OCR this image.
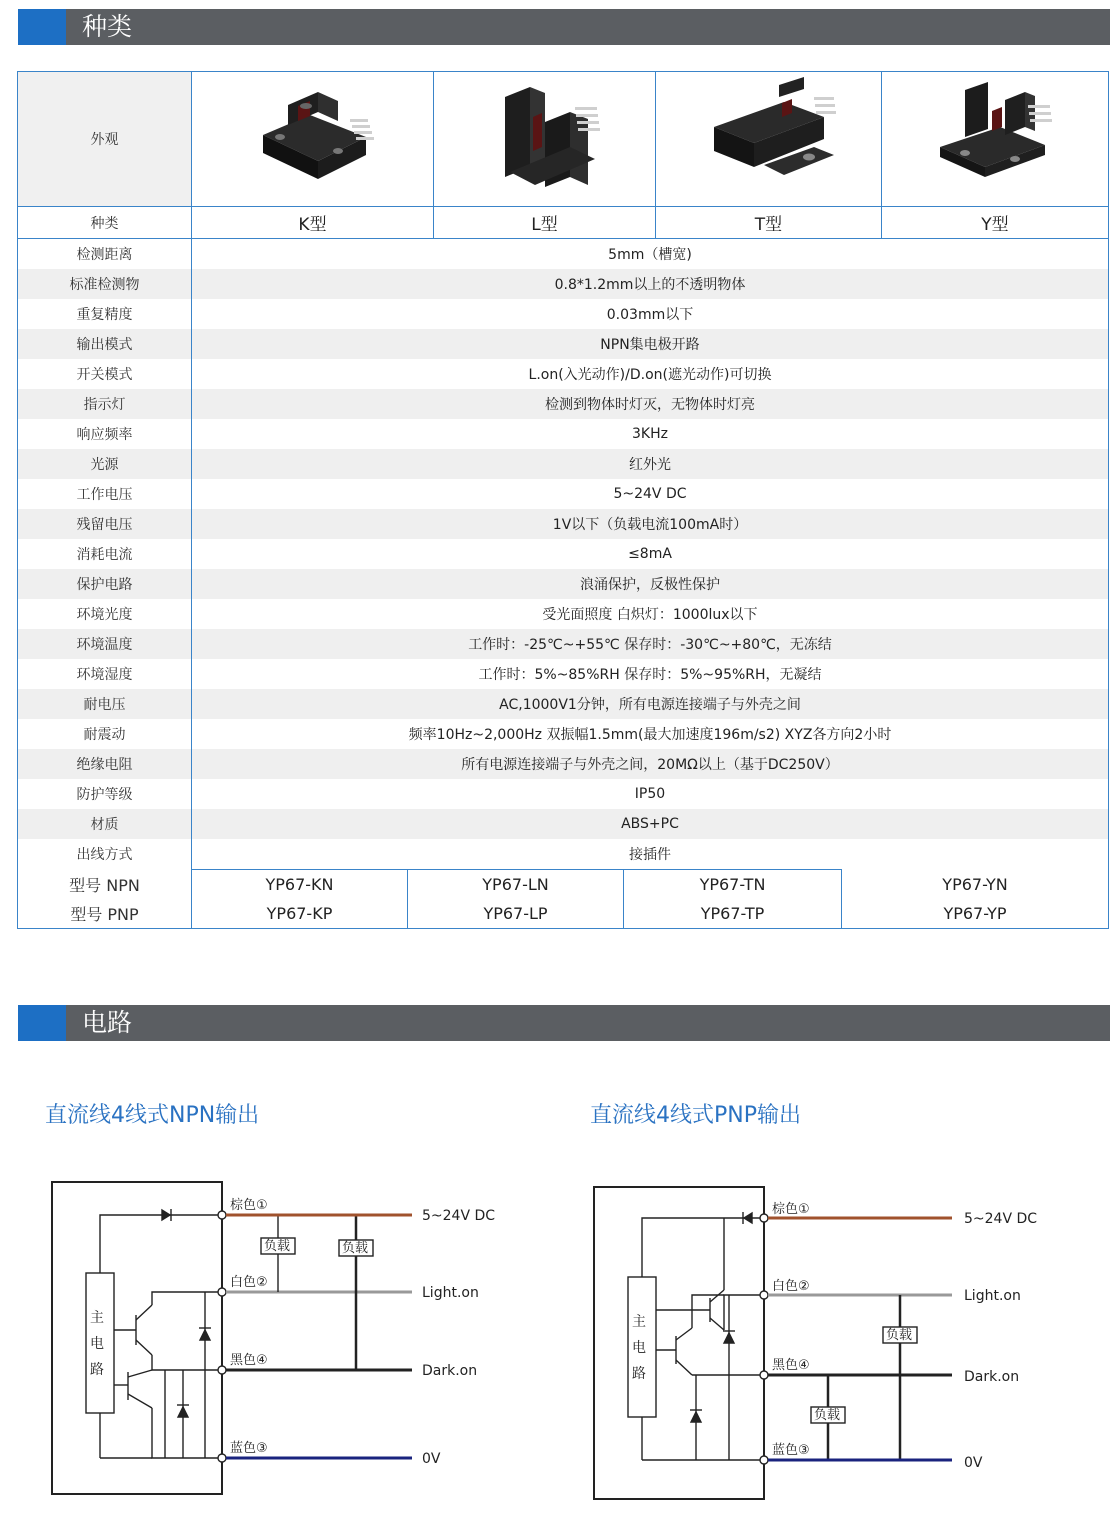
种类
外观	

种类	K型		L型		T型		Y型
检测距离	5mm（槽宽)						
标准检测物	0.8*1.2mm以上的不透明物体						
重复精度	0.03mm以下						
输出模式	NPN集电极开路						
开关模式	L.on(入光动作)/D.on(遮光动作)可切换						
指示灯	检测到物体时灯灭，无物体时灯亮						
响应频率	3KHz						
光源	红外光						
工作电压	5~24V DC						
残留电压	1V以下（负载电流100mA时）						
消耗电流	≤8mA						
保护电路	浪涌保护，反极性保护						
环境光度	受光面照度 白炽灯：1000lux以下						
环境温度	工作时：-25℃~+55℃ 保存时：-30℃~+80℃，无冻结						
环境湿度	工作时：5%~85%RH 保存时：5%~95%RH，无凝结						
耐电压	AC,1000V1分钟，所有电源连接端子与外壳之间						
耐震动	频率10Hz~2,000Hz 双振幅1.5mm(最大加速度196m/s2) XYZ各方向2小时						
绝缘电阻	所有电源连接端子与外壳之间，20MΩ以上（基于DC250V）						
防护等级	IP50						
材质	ABS+PC						
出线方式	接插件						
型号 NPN	YP67-KN	YP67-LN		YP67-TN		YP67-YN	
型号 PNP	YP67-KP	YP67-LP		YP67-TP		YP67-YP	
电路
直流线4线式NPN输出	直流线4线式PNP输出
主
电
路
棕色①
白色②
黑色④
蓝色③
负载	负载
5~24V DC
Light.on
Dark.on
0V
主
电
路
棕色①
白色②
黑色④
蓝色③
负载
负载
5~24V DC
Light.on
Dark.on
0V
